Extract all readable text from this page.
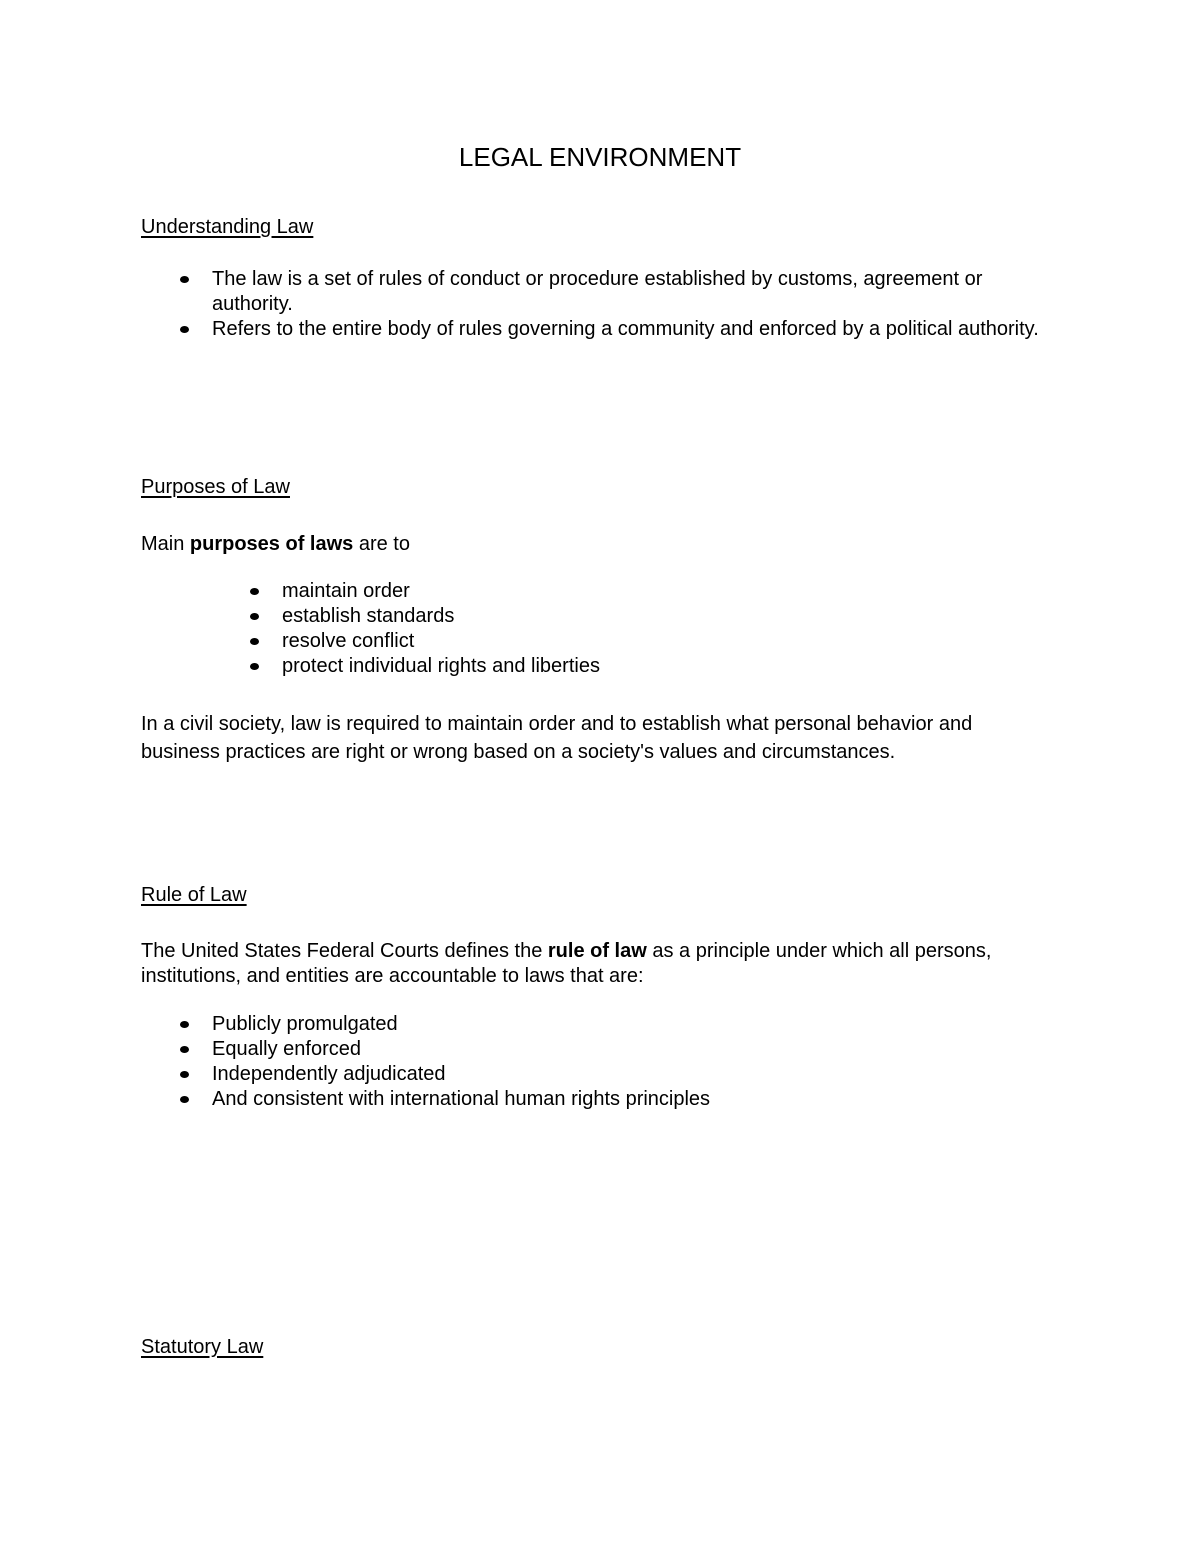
LEGAL ENVIRONMENT
Understanding Law
The law is a set of rules of conduct or procedure established by customs, agreement or authority.
Refers to the entire body of rules governing a community and enforced by a political authority.
Purposes of Law
Main purposes of laws are to
maintain order
establish standards
resolve conflict
protect individual rights and liberties
In a civil society, law is required to maintain order and to establish what personal behavior and business practices are right or wrong based on a society's values and circumstances.
Rule of Law
The United States Federal Courts defines the rule of law as a principle under which all persons, institutions, and entities are accountable to laws that are:
Publicly promulgated
Equally enforced
Independently adjudicated
And consistent with international human rights principles
Statutory Law
